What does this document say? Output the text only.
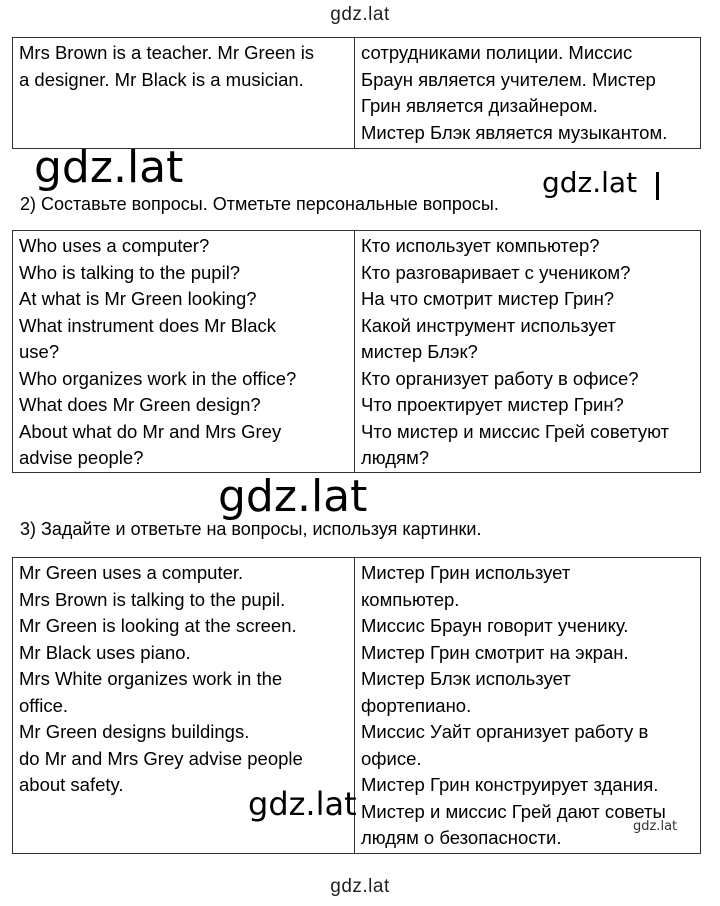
gdz.lat
Mrs Brown is a teacher. Mr Green is
a designer. Mr Black is a musician.

сотрудниками полиции. Миссис
Браун является учителем. Мистер
Грин является дизайнером.
Мистер Блэк является музыкантом.
2) Составьте вопросы. Отметьте персональные вопросы.
Who uses a computer?
Who is talking to the pupil?
At what is Mr Green looking?
What instrument does Mr Black
use?
Who organizes work in the office?
What does Mr Green design?
About what do Mr and Mrs Grey
advise people?

Кто использует компьютер?
Кто разговаривает с учеником?
На что смотрит мистер Грин?
Какой инструмент использует
мистер Блэк?
Кто организует работу в офисе?
Что проектирует мистер Грин?
Что мистер и миссис Грей советуют
людям?
3) Задайте и ответьте на вопросы, используя картинки.
Mr Green uses a computer.
Mrs Brown is talking to the pupil.
Mr Green is looking at the screen.
Mr Black uses piano.
Mrs White organizes work in the
office.
Mr Green designs buildings.
do Mr and Mrs Grey advise people
about safety.

Мистер Грин использует
компьютер.
Миссис Браун говорит ученику.
Мистер Грин смотрит на экран.
Мистер Блэк использует
фортепиано.
Миссис Уайт организует работу в
офисе.
Мистер Грин конструирует здания.
Мистер и миссис Грей дают советы
людям о безопасности.
gdz.lat	gdz.lat
gdz.lat
gdz.lat
gdz.lat
gdz.lat
